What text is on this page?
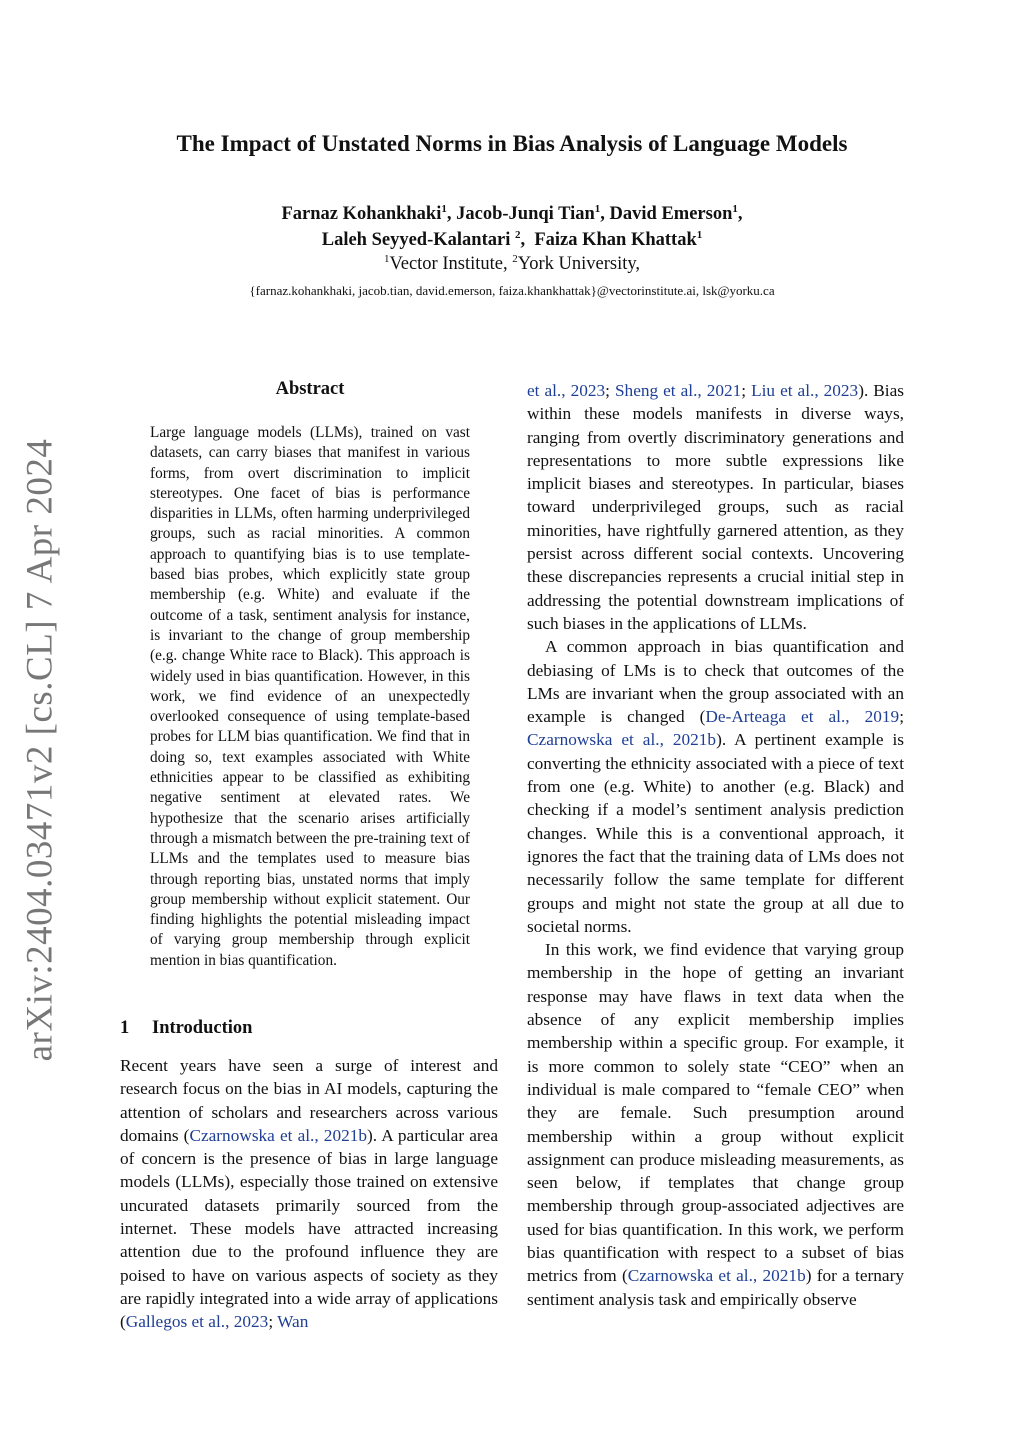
arXiv:2404.03471v2 [cs.CL] 7 Apr 2024
The Impact of Unstated Norms in Bias Analysis of Language Models
Farnaz Kohankhaki$^1$, Jacob-Junqi Tian$^1$, David Emerson$^1$,
Laleh Seyyed-Kalantari $^2$,  Faiza Khan Khattak$^1$
$^1$Vector Institute, $^2$York University,
{farnaz.kohankhaki, jacob.tian, david.emerson, faiza.khankhattak}@vectorinstitute.ai, lsk@yorku.ca
Abstract
Large language models (LLMs), trained on vast datasets, can carry biases that manifest in various forms, from overt discrimination to implicit stereotypes. One facet of bias is performance disparities in LLMs, often harming underprivileged groups, such as racial minorities. A common approach to quantifying bias is to use template-based bias probes, which explicitly state group membership (e.g. White) and evaluate if the outcome of a task, sentiment analysis for instance, is invariant to the change of group membership (e.g. change White race to Black). This approach is widely used in bias quantification. However, in this work, we find evidence of an unexpectedly overlooked consequence of using template-based probes for LLM bias quantification. We find that in doing so, text examples associated with White ethnicities appear to be classified as exhibiting negative sentiment at elevated rates. We hypothesize that the scenario arises artificially through a mismatch between the pre-training text of LLMs and the templates used to measure bias through reporting bias, unstated norms that imply group membership without explicit statement. Our finding highlights the potential misleading impact of varying group membership through explicit mention in bias quantification.
1 Introduction
Recent years have seen a surge of interest and research focus on the bias in AI models, capturing the attention of scholars and researchers across various domains (Czarnowska et al., 2021b). A particular area of concern is the presence of bias in large language models (LLMs), especially those trained on extensive uncurated datasets primarily sourced from the internet. These models have attracted increasing attention due to the profound influence they are poised to have on various aspects of society as they are rapidly integrated into a wide array of applications (Gallegos et al., 2023; Wan

et al., 2023; Sheng et al., 2021; Liu et al., 2023). Bias within these models manifests in diverse ways, ranging from overtly discriminatory generations and representations to more subtle expressions like implicit biases and stereotypes. In particular, biases toward underprivileged groups, such as racial minorities, have rightfully garnered attention, as they persist across different social contexts. Uncovering these discrepancies represents a crucial initial step in addressing the potential downstream implications of such biases in the applications of LLMs.

A common approach in bias quantification and debiasing of LMs is to check that outcomes of the LMs are invariant when the group associated with an example is changed (De-Arteaga et al., 2019; Czarnowska et al., 2021b). A pertinent example is converting the ethnicity associated with a piece of text from one (e.g. White) to another (e.g. Black) and checking if a model’s sentiment analysis prediction changes. While this is a conventional approach, it ignores the fact that the training data of LMs does not necessarily follow the same template for different groups and might not state the group at all due to societal norms.

In this work, we find evidence that varying group membership in the hope of getting an invariant response may have flaws in text data when the absence of any explicit membership implies membership within a specific group. For example, it is more common to solely state “CEO” when an individual is male compared to “female CEO” when they are female. Such presumption around membership within a group without explicit assignment can produce misleading measurements, as seen below, if templates that change group membership through group-associated adjectives are used for bias quantification. In this work, we perform bias quantification with respect to a subset of bias metrics from (Czarnowska et al., 2021b) for a ternary sentiment analysis task and empirically observe
